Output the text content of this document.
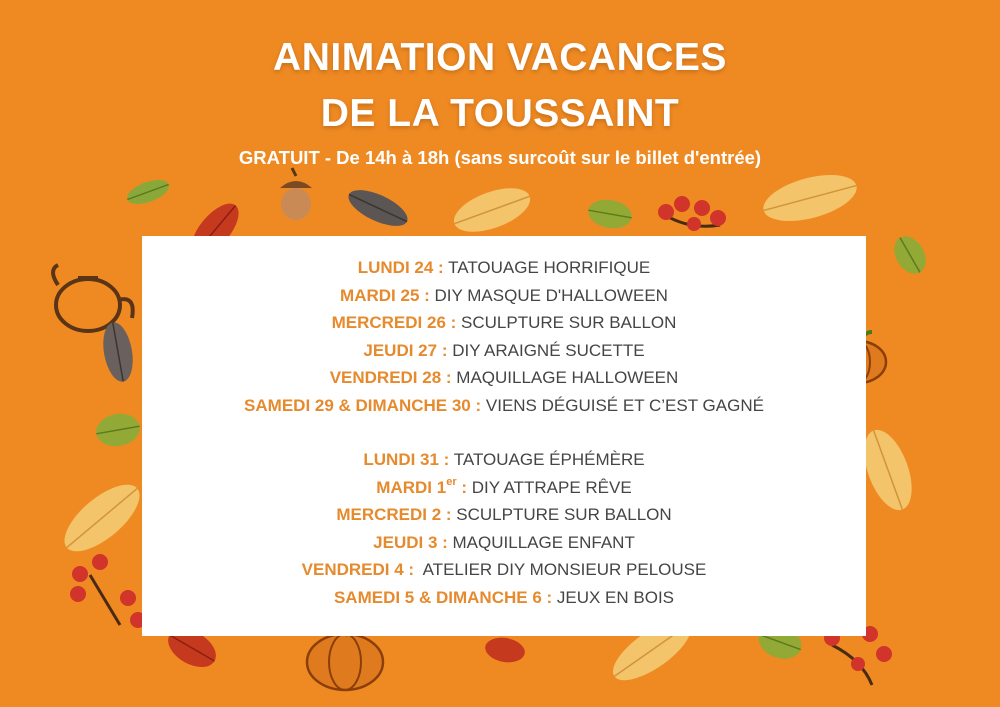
ANIMATION VACANCES
DE LA TOUSSAINT
GRATUIT - De 14h à 18h (sans surcoût sur le billet d'entrée)
LUNDI 24 : TATOUAGE HORRIFIQUE
MARDI 25 : DIY MASQUE D'HALLOWEEN
MERCREDI 26 : SCULPTURE SUR BALLON
JEUDI 27 : DIY ARAIGNÉ SUCETTE
VENDREDI 28 : MAQUILLAGE HALLOWEEN
SAMEDI 29 & DIMANCHE 30 : VIENS DÉGUISÉ ET C’EST GAGNÉ
LUNDI 31 : TATOUAGE ÉPHÉMÈRE
MARDI 1er : DIY ATTRAPE RÊVE
MERCREDI 2 : SCULPTURE SUR BALLON
JEUDI 3 : MAQUILLAGE ENFANT
VENDREDI 4 :  ATELIER DIY MONSIEUR PELOUSE
SAMEDI 5 & DIMANCHE 6 : JEUX EN BOIS
